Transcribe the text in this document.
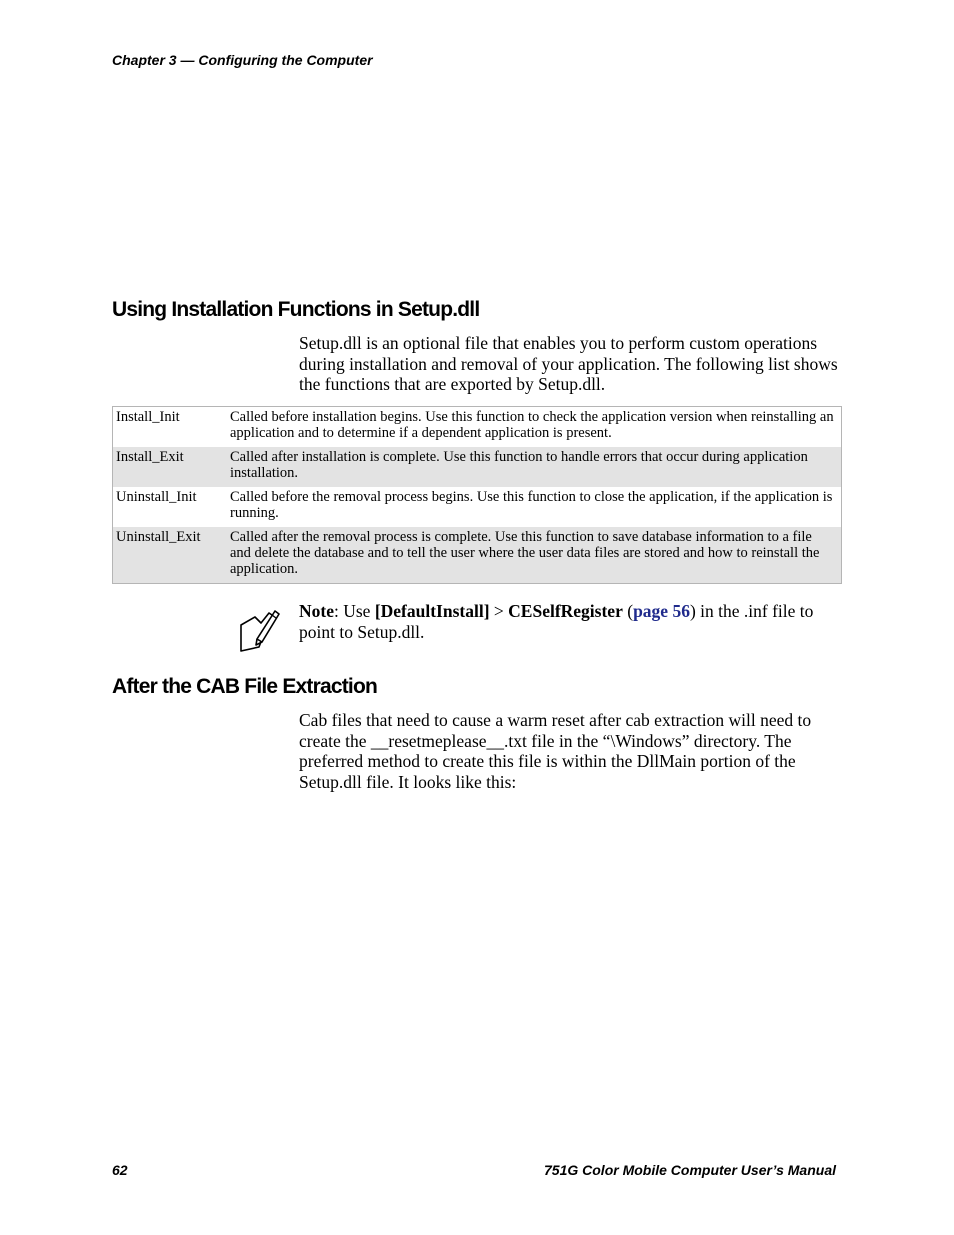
Chapter 3 — Configuring the Computer
Using Installation Functions in Setup.dll

Setup.dll is an optional file that enables you to perform custom operations during installation and removal of your application. The following list shows the functions that are exported by Setup.dll.

Install_Init	Called before installation begins. Use this function to check the application version when reinstalling an application and to determine if a dependent application is present.
Install_Exit	Called after installation is complete. Use this function to handle errors that occur during application installation.
Uninstall_Init	Called before the removal process begins. Use this function to close the application, if the application is running.
Uninstall_Exit	Called after the removal process is complete. Use this function to save database information to a file and delete the database and to tell the user where the user data files are stored and how to reinstall the application.

Note: Use [DefaultInstall] > CESelfRegister (page 56) in the .inf file to point to Setup.dll.

After the CAB File Extraction

Cab files that need to cause a warm reset after cab extraction will need to create the __resetmeplease__.txt file in the “\Windows” directory. The preferred method to create this file is within the DllMain portion of the Setup.dll file. It looks like this:

62	751G Color Mobile Computer User’s Manual
